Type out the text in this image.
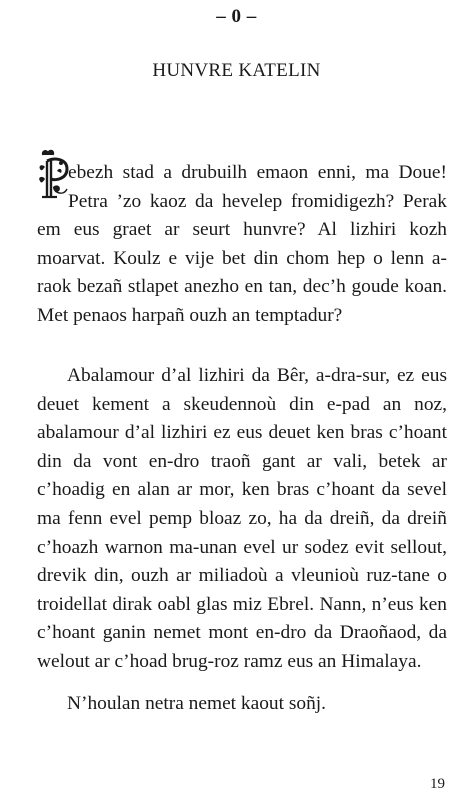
– 0 –
HUNVRE KATELIN

ebezh stad a drubuilh emaon enni, ma Doue! Petra ’zo kaoz da hevelep fromidigezh? Perak em eus graet ar seurt hunvre? Al lizhiri kozh moarvat. Koulz e vije bet din chom hep o lenn a-raok bezañ stlapet anezho en tan, dec’h goude koan. Met penaos harpañ ouzh an temptadur?

Abalamour d’al lizhiri da Bêr, a-dra-sur, ez eus deuet kement a skeudennoù din e-pad an noz, abalamour d’al lizhiri ez eus deuet ken bras c’hoant din da vont en-dro traoñ gant ar vali, betek ar c’hoadig en alan ar mor, ken bras c’hoant da sevel ma fenn evel pemp bloaz zo, ha da dreiñ, da dreiñ c’hoazh warnon ma-unan evel ur sodez evit sellout, drevik din, ouzh ar miliadoù a vleunioù ruz-tane o troidellat dirak oabl glas miz Ebrel. Nann, n’eus ken c’hoant ganin nemet mont en-dro da Draoñaod, da welout ar c’hoad brug-roz ramz eus an Himalaya.

N’houlan netra nemet kaout soñj.

19
